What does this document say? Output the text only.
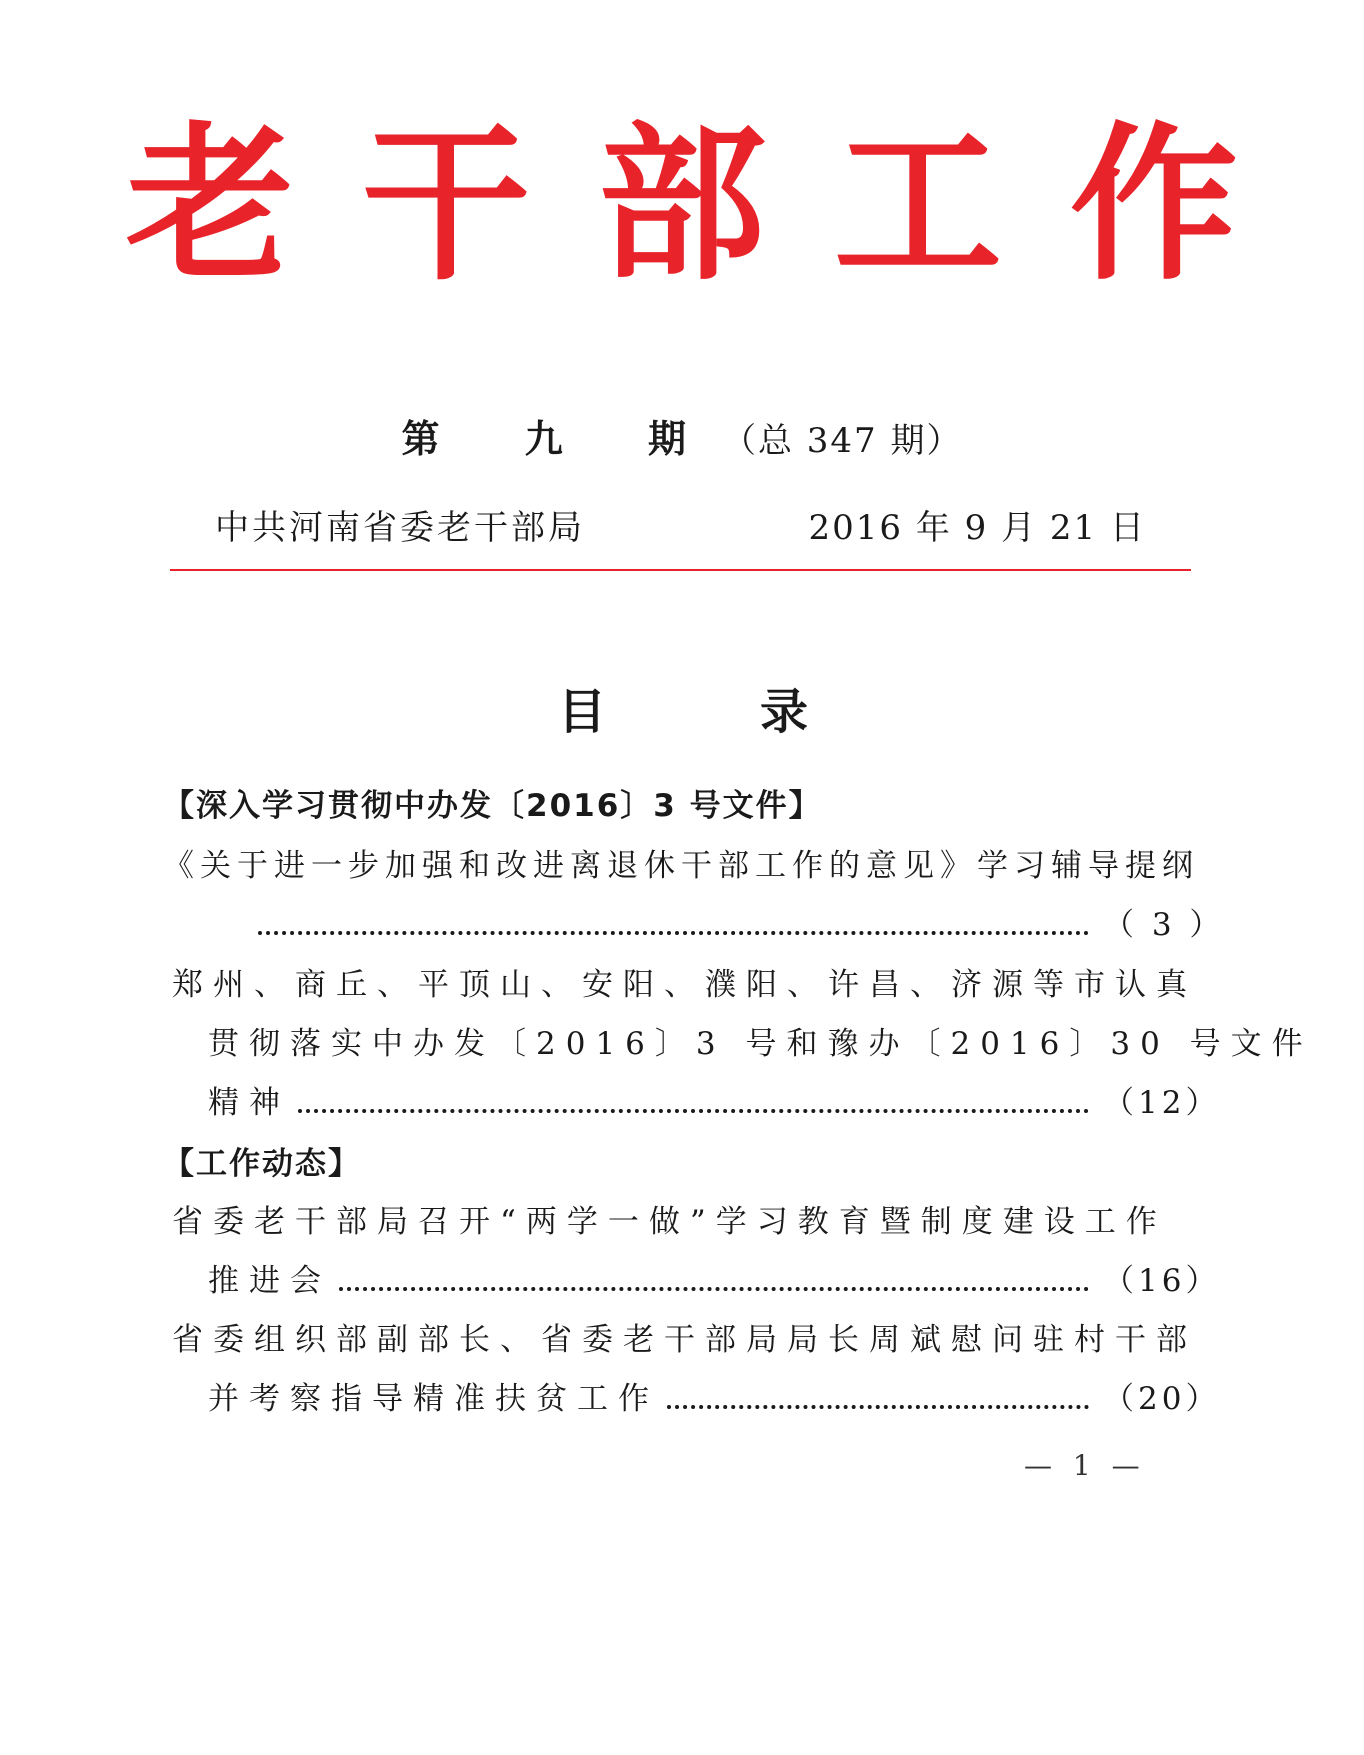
老 干 部 工 作
第 九 期（总 347 期）
中共河南省委老干部局	2016 年 9 月 21 日
目	录
【深入学习贯彻中办发〔2016〕3 号文件】
《关于进一步加强和改进离退休干部工作的意见》学习辅导提纲
（ 3 ）
郑州、商丘、平顶山、安阳、濮阳、许昌、济源等市认真
贯彻落实中办发〔2016〕3 号和豫办〔2016〕30 号文件
精神	（12）
【工作动态】
省委老干部局召开“两学一做”学习教育暨制度建设工作
推进会	（16）
省委组织部副部长、省委老干部局局长周斌慰问驻村干部
并考察指导精准扶贫工作	（20）
— 1 —
